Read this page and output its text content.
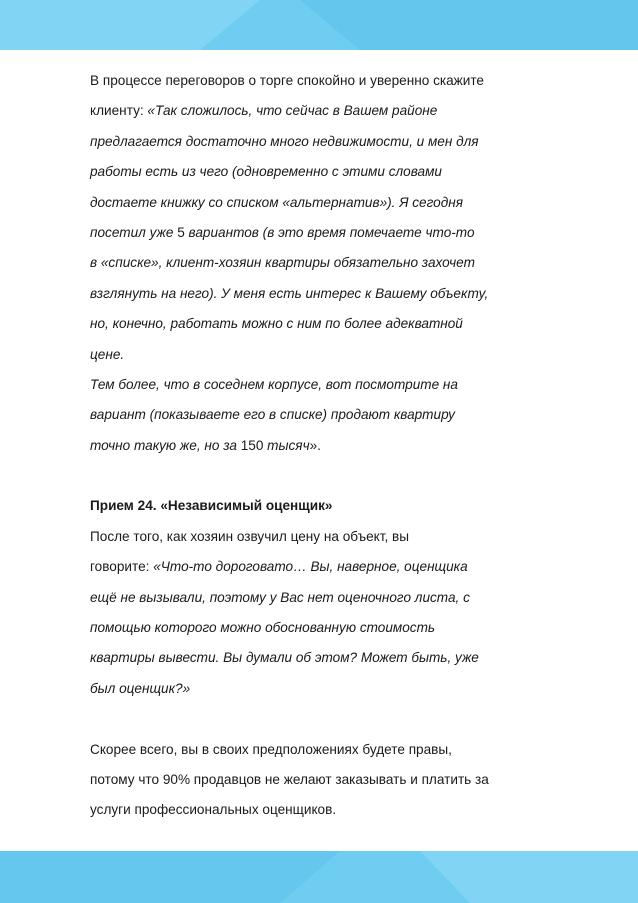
В процессе переговоров о торге спокойно и уверенно скажите
клиенту: «Так сложилось, что сейчас в Вашем районе
предлагается достаточно много недвижимости, и мен для
работы есть из чего (одновременно с этими словами
достаете книжку со списком «альтернатив»). Я сегодня
посетил уже 5 вариантов (в это время помечаете что-то
в «списке», клиент-хозяин квартиры обязательно захочет
взглянуть на него). У меня есть интерес к Вашему объекту,
но, конечно, работать можно с ним по более адекватной
цене.
Тем более, что в соседнем корпусе, вот посмотрите на
вариант (показываете его в списке) продают квартиру
точно такую же, но за 150 тысяч».
Прием 24. «Независимый оценщик»
После того, как хозяин озвучил цену на объект, вы
говорите: «Что-то дороговато… Вы, наверное, оценщика
ещё не вызывали, поэтому у Вас нет оценочного листа, с
помощью которого можно обоснованную стоимость
квартиры вывести. Вы думали об этом? Может быть, уже
был оценщик?»
Скорее всего, вы в своих предположениях будете правы,
потому что 90% продавцов не желают заказывать и платить за
услуги профессиональных оценщиков.
